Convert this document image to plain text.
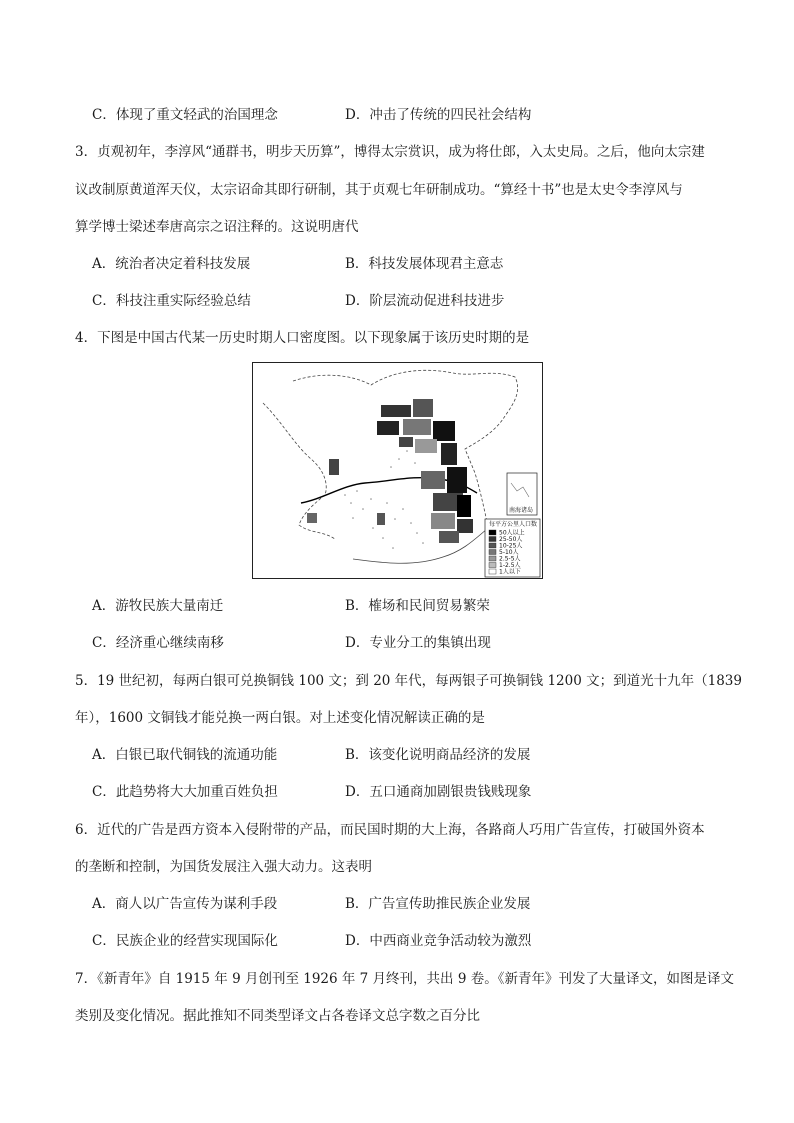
C．体现了重文轻武的治国理念	D．冲击了传统的四民社会结构
3．贞观初年，李淳风“通群书，明步天历算”，博得太宗赏识，成为将仕郎，入太史局。之后，他向太宗建
议改制原黄道浑天仪，太宗诏命其即行研制，其于贞观七年研制成功。“算经十书”也是太史令李淳风与
算学博士梁述奉唐高宗之诏注释的。这说明唐代
A．统治者决定着科技发展	B．科技发展体现君主意志
C．科技注重实际经验总结	D．阶层流动促进科技进步
4．下图是中国古代某一历史时期人口密度图。以下现象属于该历史时期的是
南海诸岛
每平方公里人口数
50人以上
25-50人
10-25人
5-10人
2.5-5人
1-2.5人
1人以下
A．游牧民族大量南迁	B．榷场和民间贸易繁荣
C．经济重心继续南移	D．专业分工的集镇出现
5．19 世纪初，每两白银可兑换铜钱 100 文；到 20 年代，每两银子可换铜钱 1200 文；到道光十九年（1839
年），1600 文铜钱才能兑换一两白银。对上述变化情况解读正确的是
A．白银已取代铜钱的流通功能	B．该变化说明商品经济的发展
C．此趋势将大大加重百姓负担	D．五口通商加剧银贵钱贱现象
6．近代的广告是西方资本入侵附带的产品，而民国时期的大上海，各路商人巧用广告宣传，打破国外资本
的垄断和控制，为国货发展注入强大动力。这表明
A．商人以广告宣传为谋利手段	B．广告宣传助推民族企业发展
C．民族企业的经营实现国际化	D．中西商业竞争活动较为激烈
7．《新青年》自 1915 年 9 月创刊至 1926 年 7 月终刊，共出 9 卷。《新青年》刊发了大量译文，如图是译文
类别及变化情况。据此推知不同类型译文占各卷译文总字数之百分比
